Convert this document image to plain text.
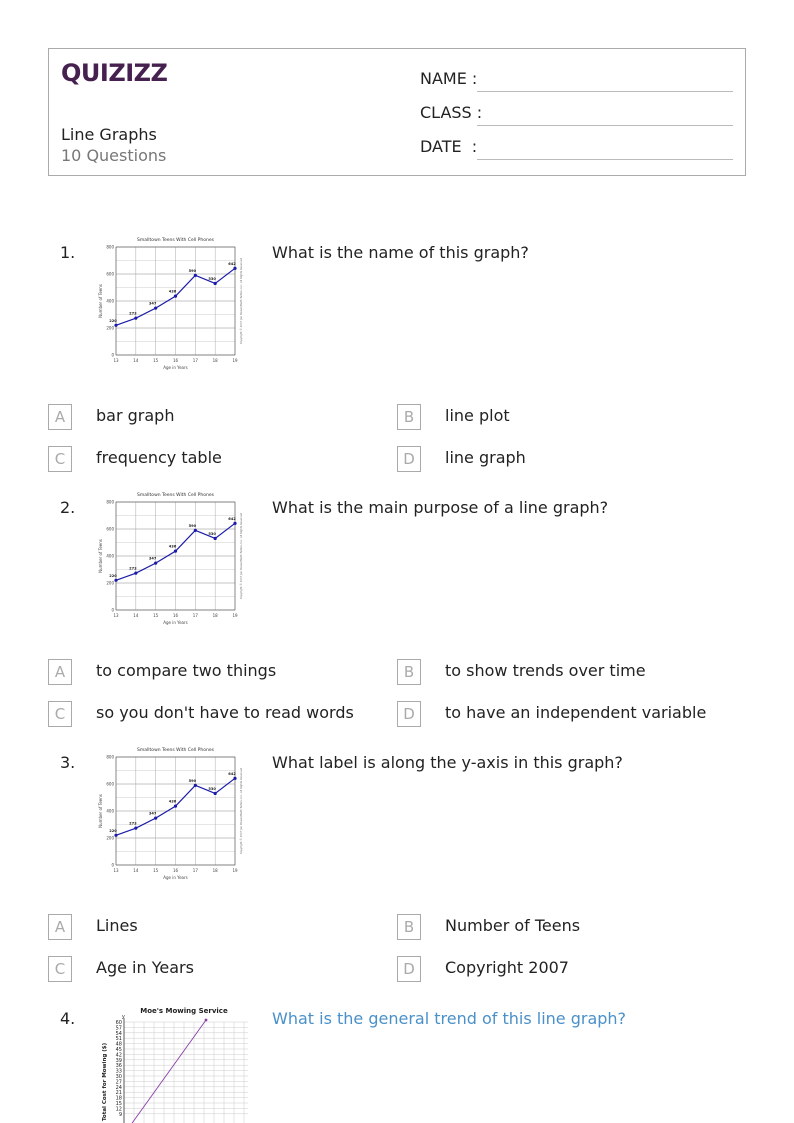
QUIZIZZ
Line Graphs
10 Questions
NAME :
CLASS :
DATE  :
1.
Smalltown Teens With Cell Phones
13	14	15	16	17	18	19
0
200
400
600
800
Age in Years
Number of Teens	Copyright © 2007 Jon Dozen/Math Tuition, Inc. All Rights Reserved
220
273
347
436
590
530
642
What is the name of this graph?
A	bar graph	B	line plot
C	frequency table	D	line graph
2.
Smalltown Teens With Cell Phones
13	14	15	16	17	18	19
0
200
400
600
800
Age in Years
Number of Teens	Copyright © 2007 Jon Dozen/Math Tuition, Inc. All Rights Reserved
220
273
347
436
590
530
642
What is the main purpose of a line graph?
A	to compare two things	B	to show trends over time
C	so you don't have to read words	D	to have an independent variable
3.
Smalltown Teens With Cell Phones
13	14	15	16	17	18	19
0
200
400
600
800
Age in Years
Number of Teens	Copyright © 2007 Jon Dozen/Math Tuition, Inc. All Rights Reserved
220
273
347
436
590
530
642
What label is along the y-axis in this graph?
A	Lines	B	Number of Teens
C	Age in Years	D	Copyright 2007
4.	Moe's Mowing Service
y
60
57
54
51
48
45
42
39
36
33
30
27
24
21
18
15
12
9
Total Cost for Mowing ($)
What is the general trend of this line graph?
